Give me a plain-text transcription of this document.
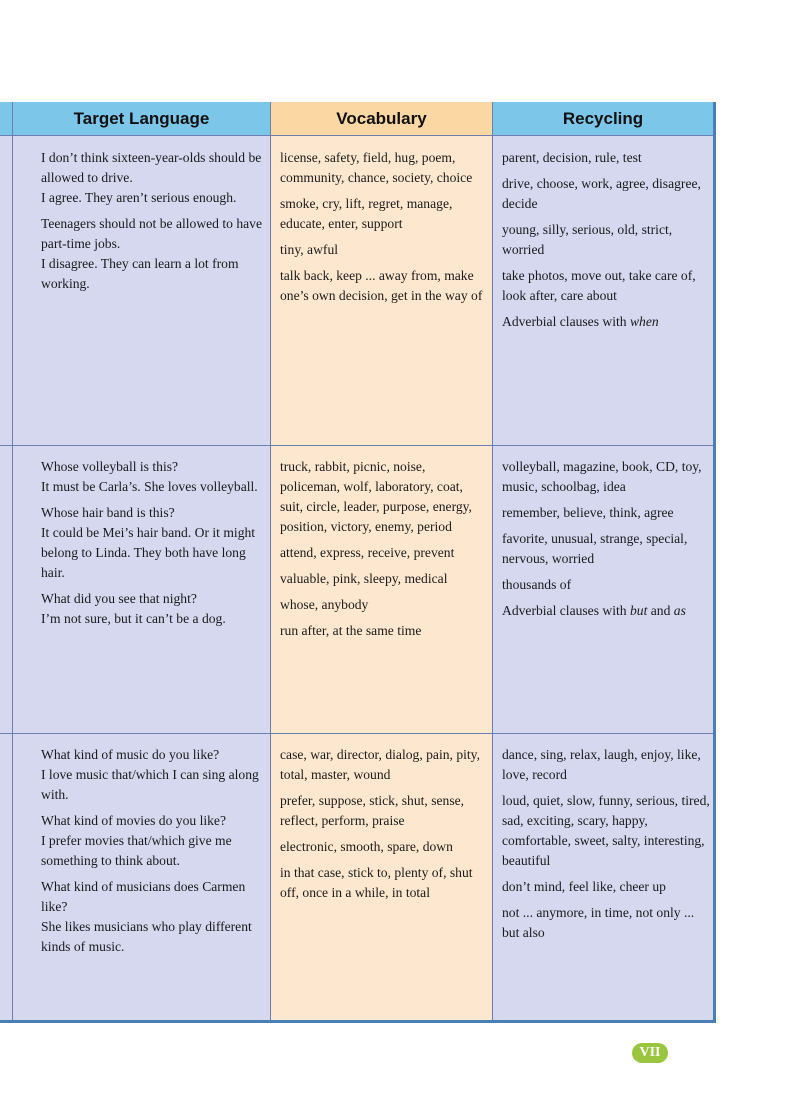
Target Language	Vocabulary	Recycling

I don’t think sixteen-year-olds should be allowed to drive.

I agree. They aren’t serious enough.

Teenagers should not be allowed to have part-time jobs.

I disagree. They can learn a lot from working.

license, safety, field, hug, poem, community, chance, society, choice

smoke, cry, lift, regret, manage, educate, enter, support

tiny, awful

talk back, keep ... away from, make one’s own decision, get in the way of

parent, decision, rule, test

drive, choose, work, agree, disagree, decide

young, silly, serious, old, strict, worried

take photos, move out, take care of, look after, care about

Adverbial clauses with when

Whose volleyball is this?

It must be Carla’s. She loves volleyball.

Whose hair band is this?

It could be Mei’s hair band. Or it might belong to Linda. They both have long hair.

What did you see that night?

I’m not sure, but it can’t be a dog.

truck, rabbit, picnic, noise, policeman, wolf, laboratory, coat, suit, circle, leader, purpose, energy, position, victory, enemy, period

attend, express, receive, prevent

valuable, pink, sleepy, medical

whose, anybody

run after, at the same time

volleyball, magazine, book, CD, toy, music, schoolbag, idea

remember, believe, think, agree

favorite, unusual, strange, special, nervous, worried

thousands of

Adverbial clauses with but and as

What kind of music do you like?

I love music that/which I can sing along with.

What kind of movies do you like?

I prefer movies that/which give me something to think about.

What kind of musicians does Carmen like?

She likes musicians who play different kinds of music.

case, war, director, dialog, pain, pity, total, master, wound

prefer, suppose, stick, shut, sense, reflect, perform, praise

electronic, smooth, spare, down

in that case, stick to, plenty of, shut off, once in a while, in total

dance, sing, relax, laugh, enjoy, like, love, record

loud, quiet, slow, funny, serious, tired, sad, exciting, scary, happy, comfortable, sweet, salty, interesting, beautiful

don’t mind, feel like, cheer up

not ... anymore, in time, not only ... but also

VII
